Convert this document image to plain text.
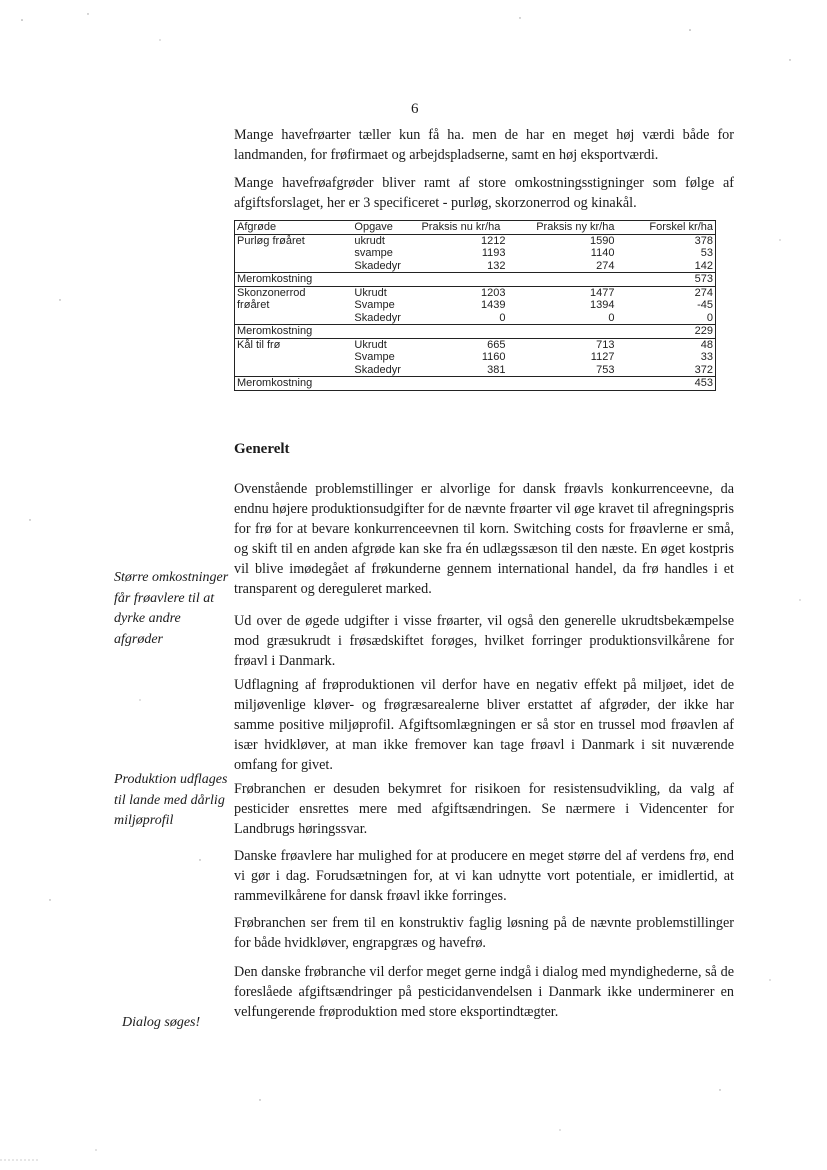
6

Mange havefrøarter tæller kun få ha. men de har en meget høj værdi både for landmanden, for frøfirmaet og arbejdspladserne, samt en høj eksportværdi.

Mange havefrøafgrøder bliver ramt af store omkostningsstigninger som følge af afgiftsforslaget, her er 3 specificeret - purløg, skorzonerrod og kinakål.

Afgrøde	Opgave	Praksis nu kr/ha	Praksis ny kr/ha	Forskel kr/ha
Purløg frøåret	ukrudt	1212	1590	378
	svampe	1193	1140	53
	Skadedyr	132	274	142
Meromkostning				573
Skonzonerrod	Ukrudt	1203	1477	274
frøåret	Svampe	1439	1394	-45
	Skadedyr	0	0	0
Meromkostning				229
Kål til frø	Ukrudt	665	713	48
	Svampe	1160	1127	33
	Skadedyr	381	753	372
Meromkostning				453
Generelt

Ovenstående problemstillinger er alvorlige for dansk frøavls konkurrenceevne, da endnu højere produktionsudgifter for de nævnte frøarter vil øge kravet til afregningspris for frø for at bevare konkurrenceevnen til korn. Switching costs for frøavlerne er små, og skift til en anden afgrøde kan ske fra én udlægssæson til den næste. En øget kostpris vil blive imødegået af frøkunderne gennem international handel, da frø handles i et transparent og dereguleret marked.

Ud over de øgede udgifter i visse frøarter, vil også den generelle ukrudtsbekæmpelse mod græsukrudt i frøsædskiftet forøges, hvilket forringer produktionsvilkårene for frøavl i Danmark.

Udflagning af frøproduktionen vil derfor have en negativ effekt på miljøet, idet de miljøvenlige kløver- og frøgræsarealerne bliver erstattet af afgrøder, der ikke har samme positive miljøprofil. Afgiftsomlægningen er så stor en trussel mod frøavlen af især hvidkløver, at man ikke fremover kan tage frøavl i Danmark i sit nuværende omfang for givet.

Frøbranchen er desuden bekymret for risikoen for resistensudvikling, da valg af pesticider ensrettes mere med afgiftsændringen. Se nærmere i Videncenter for Landbrugs høringssvar.

Danske frøavlere har mulighed for at producere en meget større del af verdens frø, end vi gør i dag. Forudsætningen for, at vi kan udnytte vort potentiale, er imidlertid, at rammevilkårene for dansk frøavl ikke forringes.

Frøbranchen ser frem til en konstruktiv faglig løsning på de nævnte problemstillinger for både hvidkløver, engrapgræs og havefrø.

Den danske frøbranche vil derfor meget gerne indgå i dialog med myndighederne, så de foreslåede afgiftsændringer på pesticidanvendelsen i Danmark ikke underminerer en velfungerende frøproduktion med store eksportindtægter.

Større omkostninger får frøavlere til at dyrke andre afgrøder

Produktion udflages til lande med dårlig miljøprofil

Dialog søges!
